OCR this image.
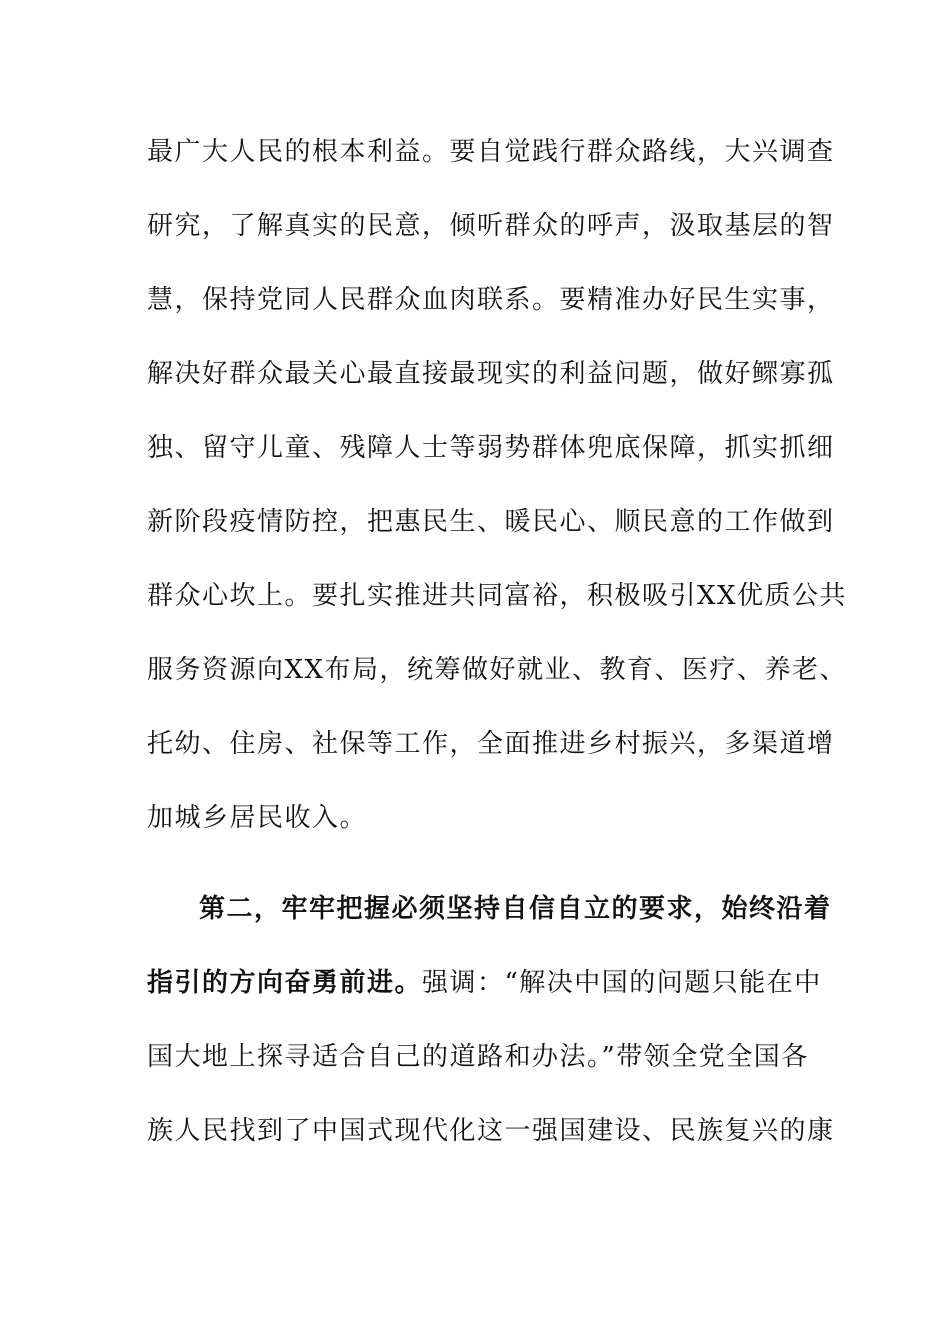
最广大人民的根本利益。要自觉践行群众路线，大兴调查
研究，了解真实的民意，倾听群众的呼声，汲取基层的智
慧，保持党同人民群众血肉联系。要精准办好民生实事，
解决好群众最关心最直接最现实的利益问题，做好鳏寡孤
独、留守儿童、残障人士等弱势群体兜底保障，抓实抓细
新阶段疫情防控，把惠民生、暖民心、顺民意的工作做到
群众心坎上。要扎实推进共同富裕，积极吸引XX优质公共
服务资源向XX布局，统筹做好就业、教育、医疗、养老、
托幼、住房、社保等工作，全面推进乡村振兴，多渠道增
加城乡居民收入。
第二，牢牢把握必须坚持自信自立的要求，始终沿着
指引的方向奋勇前进。强调：“解决中国的问题只能在中
国大地上探寻适合自己的道路和办法。”带领全党全国各
族人民找到了中国式现代化这一强国建设、民族复兴的康
